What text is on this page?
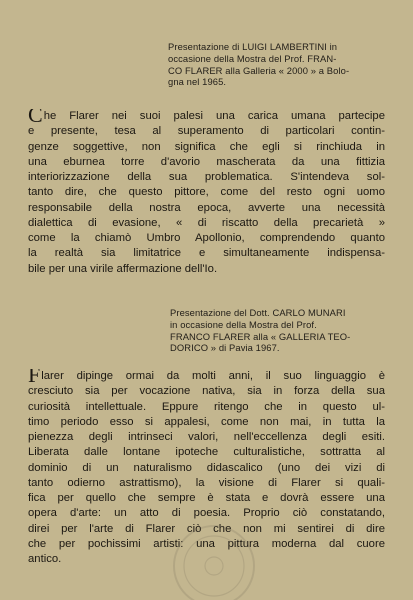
Presentazione di LUIGI LAMBERTINI in
occasione della Mostra del Prof. FRAN-
CO FLARER alla Galleria « 2000 » a Bolo-
gna nel 1965.
Che Flarer nei suoi palesi una carica umana partecipe
e presente, tesa al superamento di particolari contin-
genze soggettive, non significa che egli si rinchiuda in
una eburnea torre d'avorio mascherata da una fittizia
interiorizzazione della sua problematica. S'intendeva sol-
tanto dire, che questo pittore, come del resto ogni uomo
responsabile della nostra epoca, avverte una necessità
dialettica di evasione, « di riscatto della precarietà »
come la chiamò Umbro Apollonio, comprendendo quanto
la realtà sia limitatrice e simultaneamente indispensa-
bile per una virile affermazione dell'Io.
Presentazione del Dott. CARLO MUNARI
in occasione della Mostra del Prof.
FRANCO FLARER alla « GALLERIA TEO-
DORICO » di Pavia 1967.
Flarer dipinge ormai da molti anni, il suo linguaggio è
cresciuto sia per vocazione nativa, sia in forza della sua
curiosità intellettuale. Eppure ritengo che in questo ul-
timo periodo esso si appalesi, come non mai, in tutta la
pienezza degli intrinseci valori, nell'eccellenza degli esiti.
Liberata dalle lontane ipoteche culturalistiche, sottratta al
dominio di un naturalismo didascalico (uno dei vizi di
tanto odierno astrattismo), la visione di Flarer si quali-
fica per quello che sempre è stata e dovrà essere una
opera d'arte: un atto di poesia. Proprio ciò constatando,
direi per l'arte di Flarer ciò che non mi sentirei di dire
che per pochissimi artisti: una pittura moderna dal cuore
antico.
